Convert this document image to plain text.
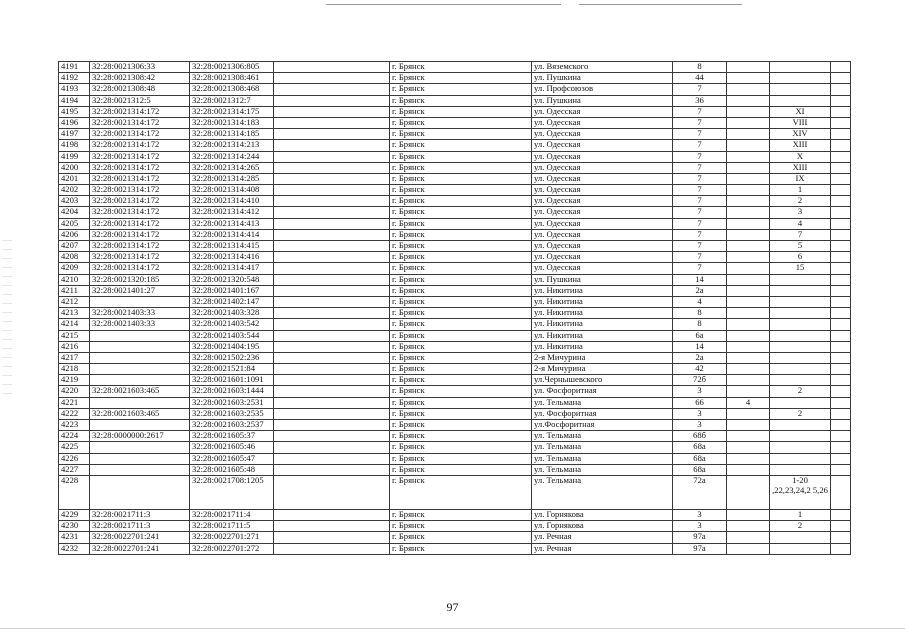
4191	32:28:0021306:33	32:28:0021306:805		г. Брянск	ул. Вяземского	8			
4192	32:28:0021308:42	32:28:0021308:461		г. Брянск	ул. Пушкина	44			
4193	32:28:0021308:48	32:28:0021308:468		г. Брянск	ул. Профсоюзов	7			
4194	32:28:0021312:5	32:28:0021312:7		г. Брянск	ул. Пушкина	36			
4195	32:28:0021314:172	32:28:0021314:175		г. Брянск	ул. Одесская	7		XI	
4196	32:28:0021314:172	32:28:0021314:183		г. Брянск	ул. Одесская	7		VIII	
4197	32:28:0021314:172	32:28:0021314:185		г. Брянск	ул. Одесская	7		XIV	
4198	32:28:0021314:172	32:28:0021314:213		г. Брянск	ул. Одесская	7		XIII	
4199	32:28:0021314:172	32:28:0021314:244		г. Брянск	ул. Одесская	7		X	
4200	32:28:0021314:172	32:28:0021314:265		г. Брянск	ул. Одесская	7		XIII	
4201	32:28:0021314:172	32:28:0021314:285		г. Брянск	ул. Одесская	7		IX	
4202	32:28:0021314:172	32:28:0021314:408		г. Брянск	ул. Одесская	7		1	
4203	32:28:0021314:172	32:28:0021314:410		г. Брянск	ул. Одесская	7		2	
4204	32:28:0021314:172	32:28:0021314:412		г. Брянск	ул. Одесская	7		3	
4205	32:28:0021314:172	32:28:0021314:413		г. Брянск	ул. Одесская	7		4	
4206	32:28:0021314:172	32:28:0021314:414		г. Брянск	ул. Одесская	7		7	
4207	32:28:0021314:172	32:28:0021314:415		г. Брянск	ул. Одесская	7		5	
4208	32:28:0021314:172	32:28:0021314:416		г. Брянск	ул. Одесская	7		6	
4209	32:28:0021314:172	32:28:0021314:417		г. Брянск	ул. Одесская	7		15	
4210	32:28:0021320:185	32:28:0021320:548		г. Брянск	ул. Пушкина	14			
4211	32:28:0021401:27	32:28:0021401:167		г. Брянск	ул. Никитина	2а			
4212		32:28:0021402:147		г. Брянск	ул. Никитина	4			
4213	32:28:0021403:33	32:28:0021403:328		г. Брянск	ул. Никитина	8			
4214	32:28:0021403:33	32:28:0021403:542		г. Брянск	ул. Никитина	8			
4215		32:28:0021403:544		г. Брянск	ул. Никитина	6а			
4216		32:28:0021404:195		г. Брянск	ул. Никитина	14			
4217		32:28:0021502:236		г. Брянск	2-я Мичурина	2а			
4218		32:28:0021521:84		г. Брянск	2-я Мичурина	42			
4219		32:28:0021601:1091		г. Брянск	ул.Чернышевского	72б			
4220	32:28:0021603:465	32:28:0021603:1444		г. Брянск	ул. Фосфоритная	3		2	
4221		32:28:0021603:2531		г. Брянск	ул. Тельмана	66	4		
4222	32:28:0021603:465	32:28:0021603:2535		г. Брянск	ул. Фосфоритная	3		2	
4223		32:28:0021603:2537		г. Брянск	ул.Фосфоритная	3			
4224	32:28:0000000:2617	32:28:0021605:37		г. Брянск	ул. Тельмана	68б			
4225		32:28:0021605:46		г. Брянск	ул. Тельмана	68а			
4226		32:28:0021605:47		г. Брянск	ул. Тельмана	68а			
4227		32:28:0021605:48		г. Брянск	ул. Тельмана	68а			
4228		32:28:0021708:1205		г. Брянск	ул. Тельмана	72а		1-20 ,22,23,24,2 5,26	
4229	32:28:0021711:3	32:28:0021711:4		г. Брянск	ул. Горнякова	3		1	
4230	32:28:0021711:3	32:28:0021711:5		г. Брянск	ул. Горнякова	3		2	
4231	32:28:0022701:241	32:28:0022701:271		г. Брянск	ул. Речная	97а			
4232	32:28:0022701:241	32:28:0022701:272		г. Брянск	ул. Речная	97а			
97
